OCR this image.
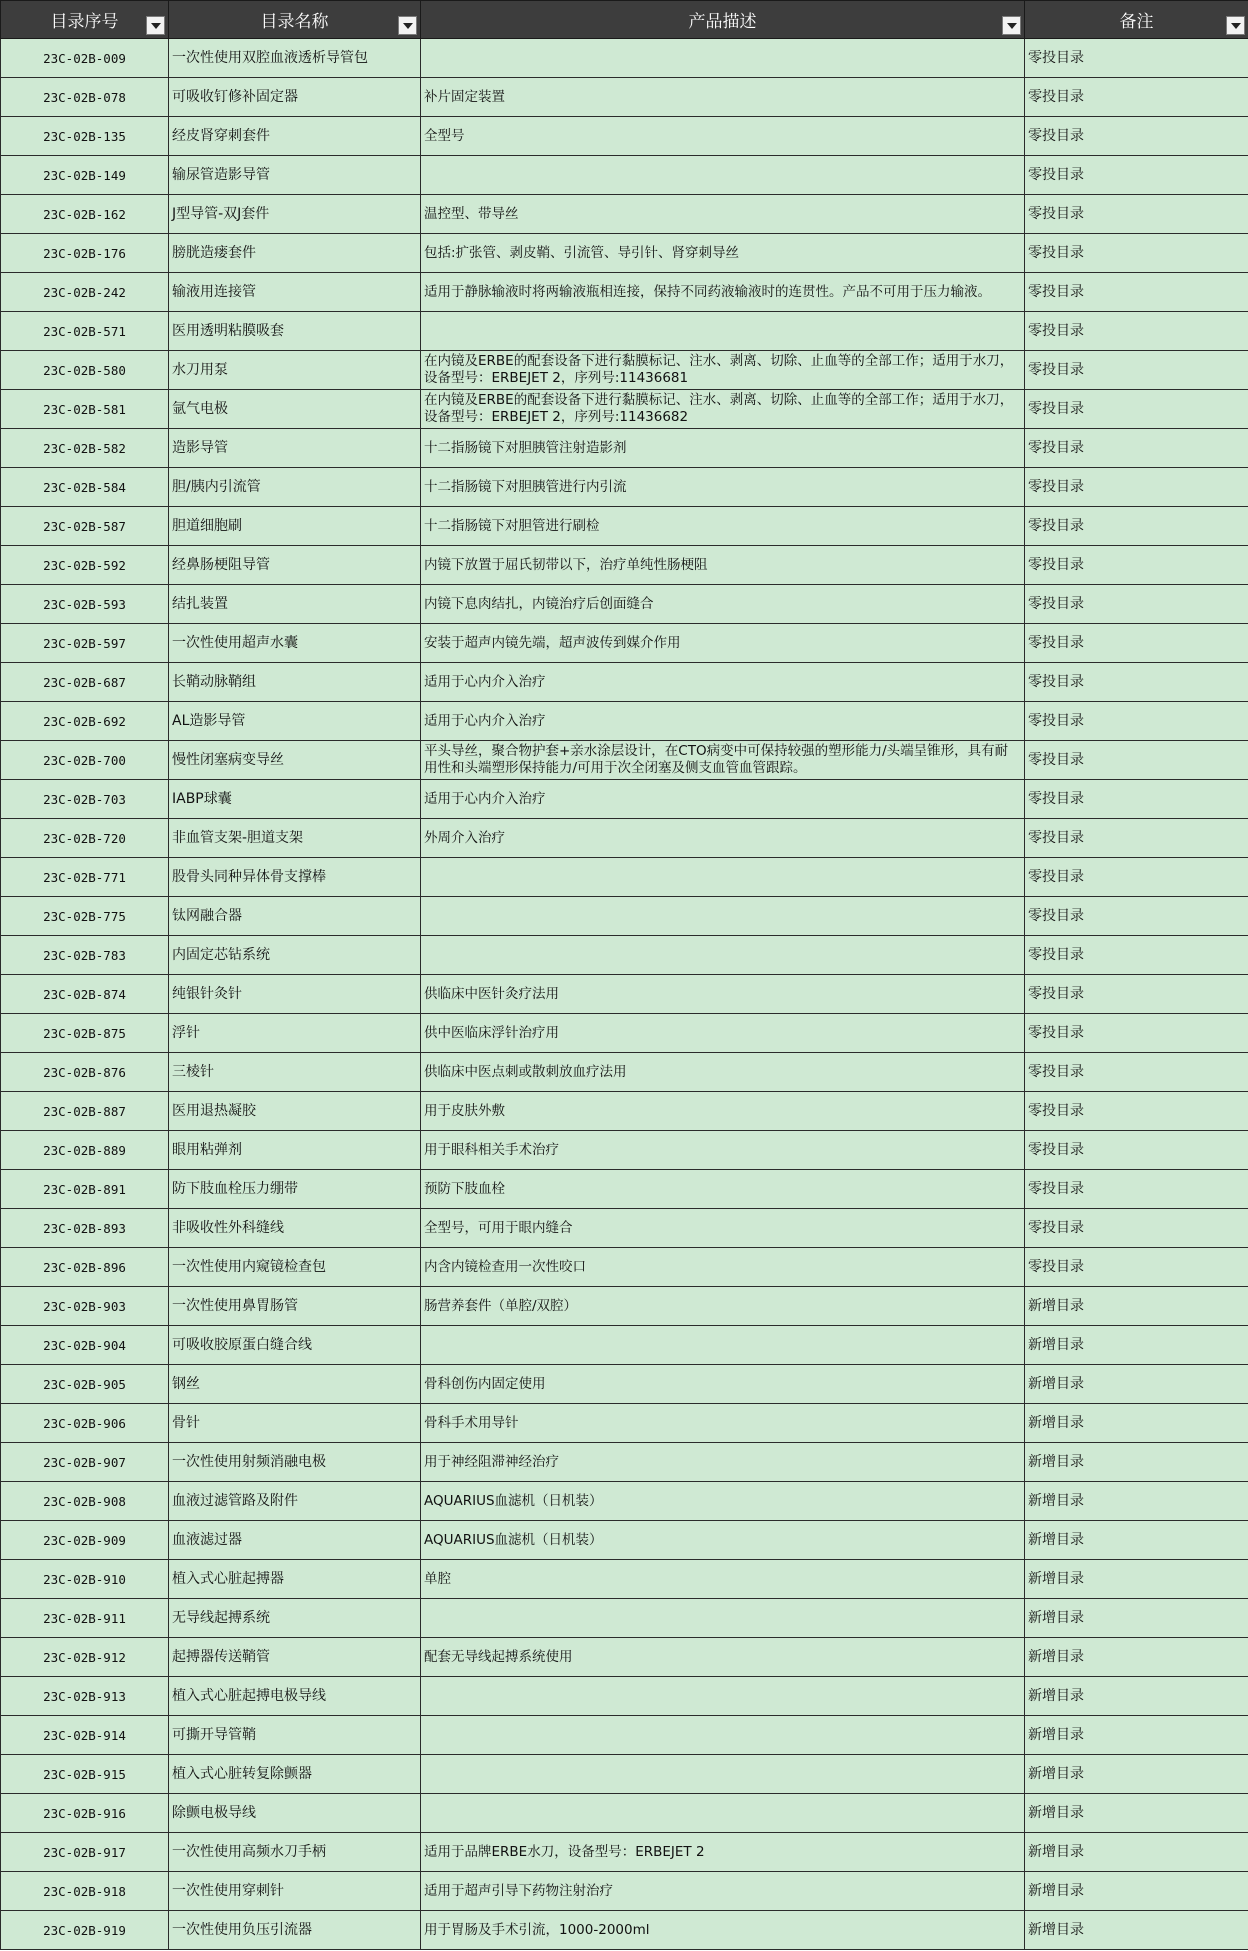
目录序号	目录名称	产品描述	备注

23C-02B-009	一次性使用双腔血液透析导管包		零投目录
23C-02B-078	可吸收钉修补固定器	补片固定装置	零投目录
23C-02B-135	经皮肾穿刺套件	全型号	零投目录
23C-02B-149	输尿管造影导管		零投目录
23C-02B-162	J型导管-双J套件	温控型、带导丝	零投目录
23C-02B-176	膀胱造瘘套件	包括:扩张管、剥皮鞘、引流管、导引针、肾穿刺导丝	零投目录
23C-02B-242	输液用连接管	适用于静脉输液时将两输液瓶相连接，保持不同药液输液时的连贯性。产品不可用于压力输液。	零投目录
23C-02B-571	医用透明粘膜吸套		零投目录
23C-02B-580	水刀用泵	在内镜及ERBE的配套设备下进行黏膜标记、注水、剥离、切除、止血等的全部工作；适用于水刀，设备型号：ERBEJET 2，序列号:11436681	零投目录
23C-02B-581	氩气电极	在内镜及ERBE的配套设备下进行黏膜标记、注水、剥离、切除、止血等的全部工作；适用于水刀，设备型号：ERBEJET 2，序列号:11436682	零投目录
23C-02B-582	造影导管	十二指肠镜下对胆胰管注射造影剂	零投目录
23C-02B-584	胆/胰内引流管	十二指肠镜下对胆胰管进行内引流	零投目录
23C-02B-587	胆道细胞刷	十二指肠镜下对胆管进行刷检	零投目录
23C-02B-592	经鼻肠梗阻导管	内镜下放置于屈氏韧带以下，治疗单纯性肠梗阻	零投目录
23C-02B-593	结扎装置	内镜下息肉结扎，内镜治疗后创面缝合	零投目录
23C-02B-597	一次性使用超声水囊	安装于超声内镜先端，超声波传到媒介作用	零投目录
23C-02B-687	长鞘动脉鞘组	适用于心内介入治疗	零投目录
23C-02B-692	AL造影导管	适用于心内介入治疗	零投目录
23C-02B-700	慢性闭塞病变导丝	平头导丝，聚合物护套+亲水涂层设计，在CTO病变中可保持较强的塑形能力/头端呈锥形，具有耐用性和头端塑形保持能力/可用于次全闭塞及侧支血管血管跟踪。	零投目录
23C-02B-703	IABP球囊	适用于心内介入治疗	零投目录
23C-02B-720	非血管支架-胆道支架	外周介入治疗	零投目录
23C-02B-771	股骨头同种异体骨支撑棒		零投目录
23C-02B-775	钛网融合器		零投目录
23C-02B-783	内固定芯钻系统		零投目录
23C-02B-874	纯银针灸针	供临床中医针灸疗法用	零投目录
23C-02B-875	浮针	供中医临床浮针治疗用	零投目录
23C-02B-876	三棱针	供临床中医点刺或散刺放血疗法用	零投目录
23C-02B-887	医用退热凝胶	用于皮肤外敷	零投目录
23C-02B-889	眼用粘弹剂	用于眼科相关手术治疗	零投目录
23C-02B-891	防下肢血栓压力绷带	预防下肢血栓	零投目录
23C-02B-893	非吸收性外科缝线	全型号，可用于眼内缝合	零投目录
23C-02B-896	一次性使用内窥镜检查包	内含内镜检查用一次性咬口	零投目录
23C-02B-903	一次性使用鼻胃肠管	肠营养套件（单腔/双腔）	新增目录
23C-02B-904	可吸收胶原蛋白缝合线		新增目录
23C-02B-905	钢丝	骨科创伤内固定使用	新增目录
23C-02B-906	骨针	骨科手术用导针	新增目录
23C-02B-907	一次性使用射频消融电极	用于神经阻滞神经治疗	新增目录
23C-02B-908	血液过滤管路及附件	AQUARIUS血滤机（日机装）	新增目录
23C-02B-909	血液滤过器	AQUARIUS血滤机（日机装）	新增目录
23C-02B-910	植入式心脏起搏器	单腔	新增目录
23C-02B-911	无导线起搏系统		新增目录
23C-02B-912	起搏器传送鞘管	配套无导线起搏系统使用	新增目录
23C-02B-913	植入式心脏起搏电极导线		新增目录
23C-02B-914	可撕开导管鞘		新增目录
23C-02B-915	植入式心脏转复除颤器		新增目录
23C-02B-916	除颤电极导线		新增目录
23C-02B-917	一次性使用高频水刀手柄	适用于品牌ERBE水刀，设备型号：ERBEJET 2	新增目录
23C-02B-918	一次性使用穿刺针	适用于超声引导下药物注射治疗	新增目录
23C-02B-919	一次性使用负压引流器	用于胃肠及手术引流，1000-2000ml	新增目录
